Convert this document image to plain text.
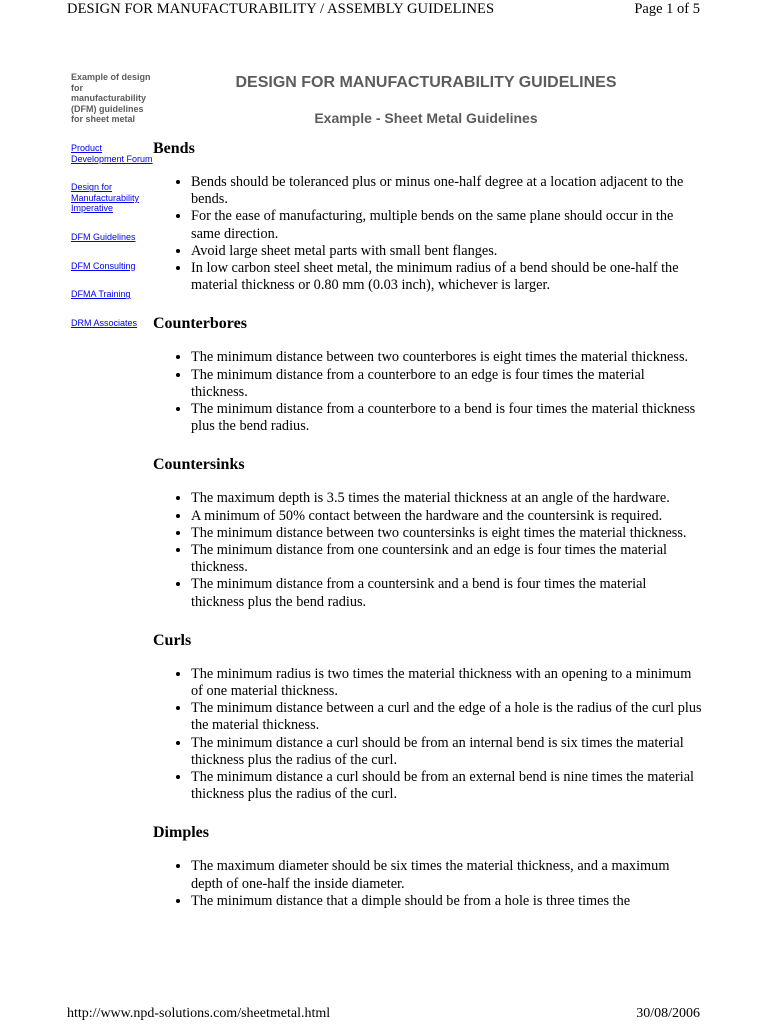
DESIGN FOR MANUFACTURABILITY / ASSEMBLY GUIDELINES	Page 1 of 5
Example of design for manufacturability (DFM) guidelines for sheet metal
Product Development Forum
Design for Manufacturability Imperative
DFM Guidelines
DFM Consulting
DFMA Training
DRM Associates
DESIGN FOR MANUFACTURABILITY GUIDELINES
Example - Sheet Metal Guidelines
Bends
• Bends should be toleranced plus or minus one-half degree at a location adjacent to the bends.
• For the ease of manufacturing, multiple bends on the same plane should occur in the same direction.
• Avoid large sheet metal parts with small bent flanges.
• In low carbon steel sheet metal, the minimum radius of a bend should be one-half the material thickness or 0.80 mm (0.03 inch), whichever is larger.
Counterbores
• The minimum distance between two counterbores is eight times the material thickness.
• The minimum distance from a counterbore to an edge is four times the material thickness.
• The minimum distance from a counterbore to a bend is four times the material thickness plus the bend radius.
Countersinks
• The maximum depth is 3.5 times the material thickness at an angle of the hardware.
• A minimum of 50% contact between the hardware and the countersink is required.
• The minimum distance between two countersinks is eight times the material thickness.
• The minimum distance from one countersink and an edge is four times the material thickness.
• The minimum distance from a countersink and a bend is four times the material thickness plus the bend radius.
Curls
• The minimum radius is two times the material thickness with an opening to a minimum of one material thickness.
• The minimum distance between a curl and the edge of a hole is the radius of the curl plus the material thickness.
• The minimum distance a curl should be from an internal bend is six times the material thickness plus the radius of the curl.
• The minimum distance a curl should be from an external bend is nine times the material thickness plus the radius of the curl.
Dimples
• The maximum diameter should be six times the material thickness, and a maximum depth of one-half the inside diameter.
• The minimum distance that a dimple should be from a hole is three times the
http://www.npd-solutions.com/sheetmetal.html	30/08/2006
